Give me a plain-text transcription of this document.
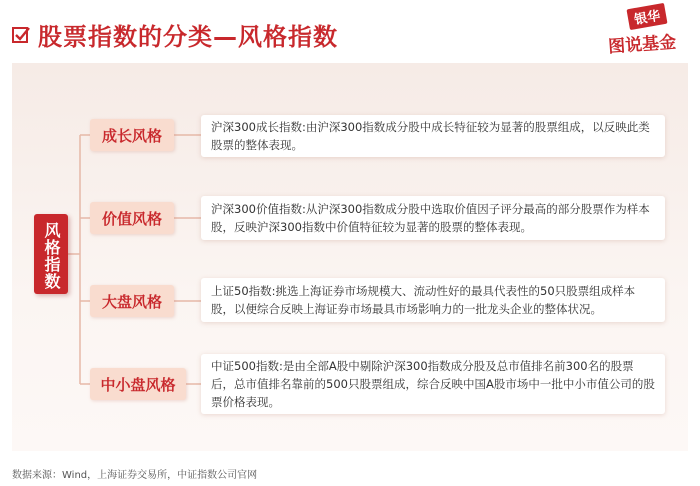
股票指数的分类—风格指数
银华
图说基金
风格指数
成长风格	沪深300成长指数:由沪深300指数成分股中成长特征较为显著的股票组成，以反映此类股票的整体表现。
价值风格
沪深300价值指数:从沪深300指数成分股中选取价值因子评分最高的部分股票作为样本股，反映沪深300指数中价值特征较为显著的股票的整体表现。
大盘风格
上证50指数:挑选上海证券市场规模大、流动性好的最具代表性的50只股票组成样本股，以便综合反映上海证券市场最具市场影响力的一批龙头企业的整体状况。
中小盘风格
中证500指数:是由全部A股中剔除沪深300指数成分股及总市值排名前300名的股票后，总市值排名靠前的500只股票组成，综合反映中国A股市场中一批中小市值公司的股票价格表现。
数据来源：Wind，上海证券交易所，中证指数公司官网
